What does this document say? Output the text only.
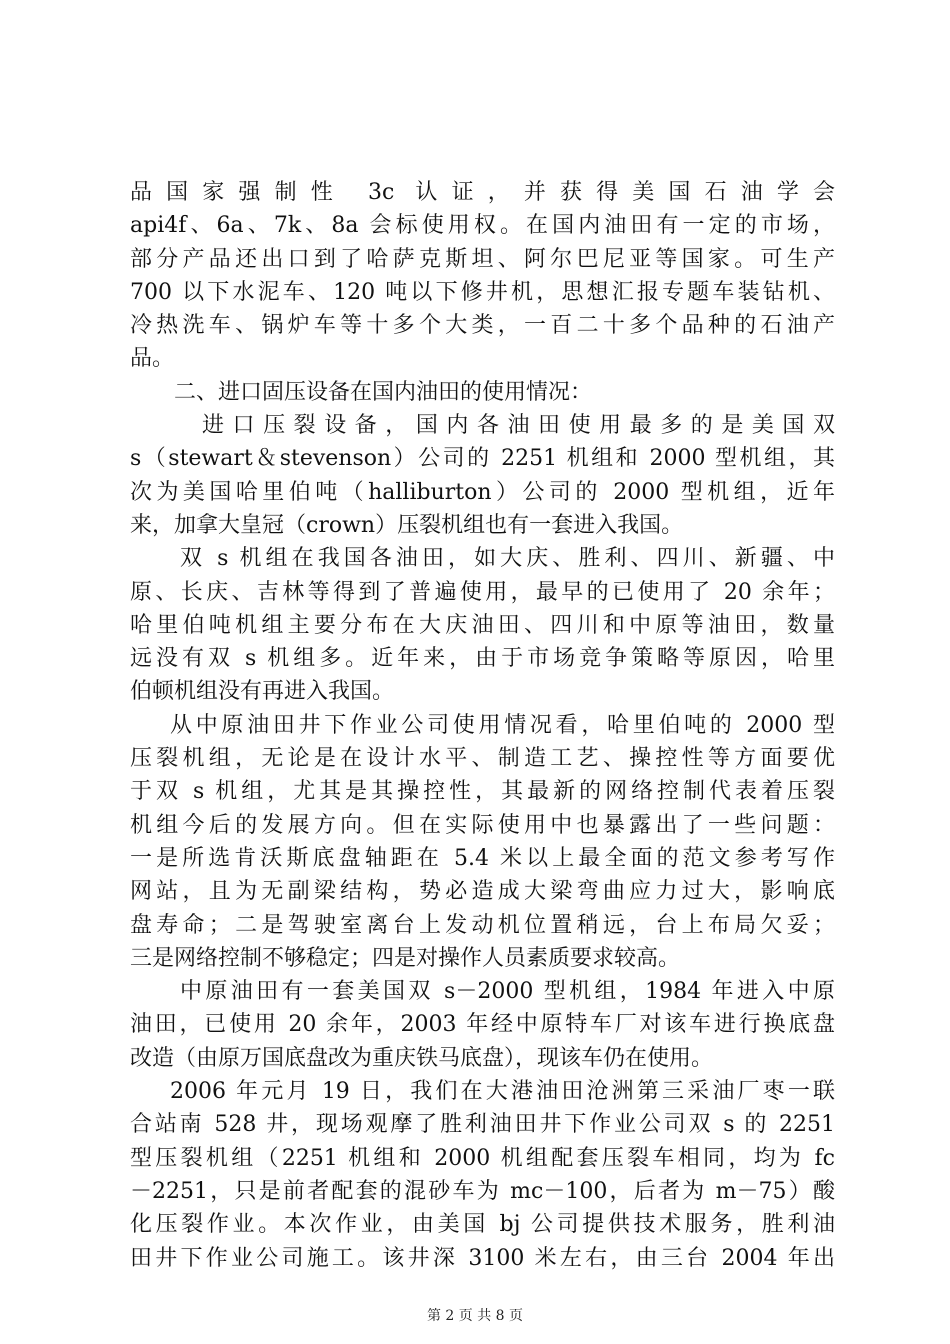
品国家强制性 3c 认证，并获得美国石油学会
api4f、6a、7k、8a 会标使用权。在国内油田有一定的市场，
部分产品还出口到了哈萨克斯坦、阿尔巴尼亚等国家。可生产
700 以下水泥车、120 吨以下修井机，思想汇报专题车装钻机、
冷热洗车、锅炉车等十多个大类，一百二十多个品种的石油产
品。
二、进口固压设备在国内油田的使用情况：
进口压裂设备，国内各油田使用最多的是美国双
s（stewart＆stevenson）公司的 2251 机组和 2000 型机组，其
次为美国哈里伯吨（halliburton）公司的 2000 型机组，近年
来，加拿大皇冠（crown）压裂机组也有一套进入我国。
双 s 机组在我国各油田，如大庆、胜利、四川、新疆、中
原、长庆、吉林等得到了普遍使用，最早的已使用了 20 余年；
哈里伯吨机组主要分布在大庆油田、四川和中原等油田，数量
远没有双 s 机组多。近年来，由于市场竞争策略等原因，哈里
伯顿机组没有再进入我国。
从中原油田井下作业公司使用情况看，哈里伯吨的 2000 型
压裂机组，无论是在设计水平、制造工艺、操控性等方面要优
于双 s 机组，尤其是其操控性，其最新的网络控制代表着压裂
机组今后的发展方向。但在实际使用中也暴露出了一些问题：
一是所选肯沃斯底盘轴距在 5.4 米以上最全面的范文参考写作
网站，且为无副梁结构，势必造成大梁弯曲应力过大，影响底
盘寿命；二是驾驶室离台上发动机位置稍远，台上布局欠妥；
三是网络控制不够稳定；四是对操作人员素质要求较高。
中原油田有一套美国双 s－2000 型机组，1984 年进入中原
油田，已使用 20 余年，2003 年经中原特车厂对该车进行换底盘
改造（由原万国底盘改为重庆铁马底盘），现该车仍在使用。
2006 年元月 19 日，我们在大港油田沧洲第三采油厂枣一联
合站南 528 井，现场观摩了胜利油田井下作业公司双 s 的 2251
型压裂机组（2251 机组和 2000 机组配套压裂车相同，均为 fc
－2251，只是前者配套的混砂车为 mc－100，后者为 m－75）酸
化压裂作业。本次作业，由美国 bj 公司提供技术服务，胜利油
田井下作业公司施工。该井深 3100 米左右，由三台 2004 年出
第 2 页 共 8 页
